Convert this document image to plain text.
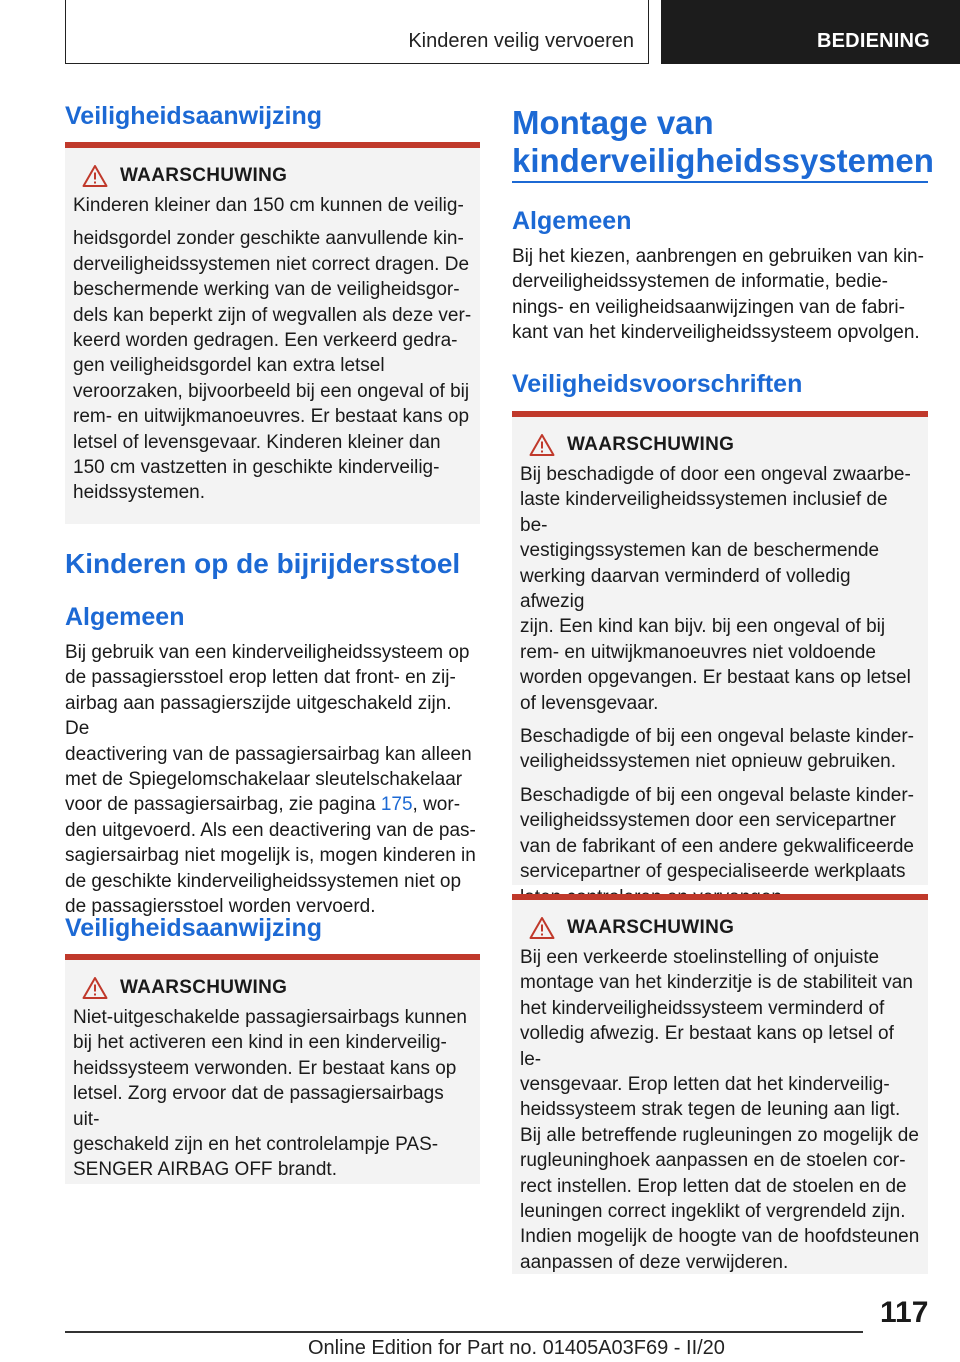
Kinderen veilig vervoeren	BEDIENING
Veiligheidsaanwijzing
WAARSCHUWING

Kinderen kleiner dan 150 cm kunnen de veilig-

heidsgordel zonder geschikte aanvullende kin-

derveiligheidssystemen niet correct dragen. De

beschermende werking van de veiligheidsgor-

dels kan beperkt zijn of wegvallen als deze ver-

keerd worden gedragen. Een verkeerd gedra-

gen veiligheidsgordel kan extra letsel

veroorzaken, bijvoorbeeld bij een ongeval of bij

rem- en uitwijkmanoeuvres. Er bestaat kans op

letsel of levensgevaar. Kinderen kleiner dan

150 cm vastzetten in geschikte kinderveilig-

heidssystemen.

Kinderen op de bijrijdersstoel
Algemeen

Bij gebruik van een kinderveiligheidssysteem op

de passagiersstoel erop letten dat front- en zij-

airbag aan passagierszijde uitgeschakeld zijn. De

deactivering van de passagiersairbag kan alleen

met de Spiegelomschakelaar sleutelschakelaar

voor de passagiersairbag, zie pagina 175, wor-

den uitgevoerd. Als een deactivering van de pas-

sagiersairbag niet mogelijk is, mogen kinderen in

de geschikte kinderveiligheidssystemen niet op

de passagiersstoel worden vervoerd.

Veiligheidsaanwijzing
WAARSCHUWING

Niet-uitgeschakelde passagiersairbags kunnen

bij het activeren een kind in een kinderveilig-

heidssysteem verwonden. Er bestaat kans op

letsel. Zorg ervoor dat de passagiersairbags uit-

geschakeld zijn en het controlelampje PAS-

SENGER AIRBAG OFF brandt.

Montage van
kinderveiligheidssystemen
Algemeen

Bij het kiezen, aanbrengen en gebruiken van kin-

derveiligheidssystemen de informatie, bedie-

nings- en veiligheidsaanwijzingen van de fabri-

kant van het kinderveiligheidssysteem opvolgen.

Veiligheidsvoorschriften
WAARSCHUWING

Bij beschadigde of door een ongeval zwaarbe-

laste kinderveiligheidssystemen inclusief de be-

vestigingssystemen kan de beschermende

werking daarvan verminderd of volledig afwezig

zijn. Een kind kan bijv. bij een ongeval of bij

rem- en uitwijkmanoeuvres niet voldoende

worden opgevangen. Er bestaat kans op letsel

of levensgevaar.

Beschadigde of bij een ongeval belaste kinder-

veiligheidssystemen niet opnieuw gebruiken.

Beschadigde of bij een ongeval belaste kinder-

veiligheidssystemen door een servicepartner

van de fabrikant of een andere gekwalificeerde

servicepartner of gespecialiseerde werkplaats

WAARSCHUWING

Bij een verkeerde stoelinstelling of onjuiste

montage van het kinderzitje is de stabiliteit van

het kinderveiligheidssysteem verminderd of

volledig afwezig. Er bestaat kans op letsel of le-

vensgevaar. Erop letten dat het kinderveilig-

heidssysteem strak tegen de leuning aan ligt.

Bij alle betreffende rugleuningen zo mogelijk de

rugleuninghoek aanpassen en de stoelen cor-

rect instellen. Erop letten dat de stoelen en de

leuningen correct ingeklikt of vergrendeld zijn.

Indien mogelijk de hoogte van de hoofdsteunen

aanpassen of deze verwijderen.

117
Online Edition for Part no. 01405A03F69 - II/20
